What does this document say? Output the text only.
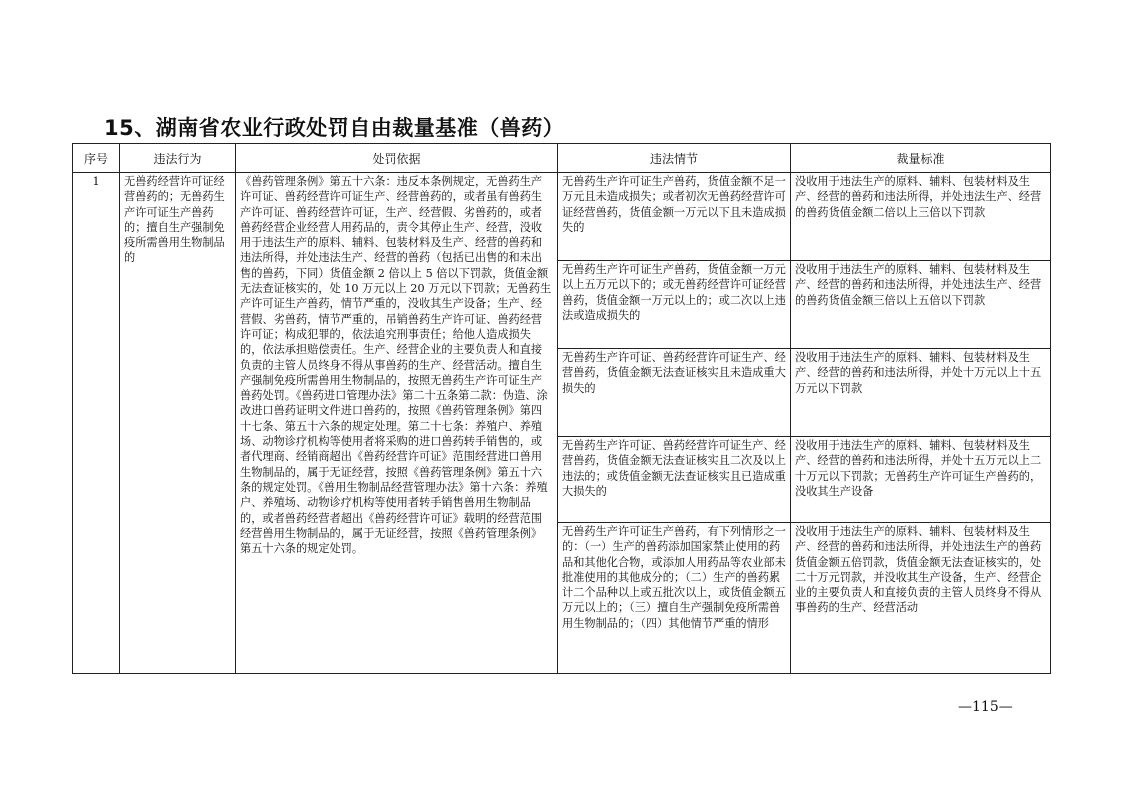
15、湖南省农业行政处罚自由裁量基准（兽药）
序号	违法行为	处罚依据	违法情节	裁量标准
1	无兽药经营许可证经营兽药的；无兽药生产许可证生产兽药的；擅自生产强制免疫所需兽用生物制品的	《兽药管理条例》第五十六条：违反本条例规定，无兽药生产许可证、兽药经营许可证生产、经营兽药的，或者虽有兽药生产许可证、兽药经营许可证，生产、经营假、劣兽药的，或者兽药经营企业经营人用药品的，责令其停止生产、经营，没收用于违法生产的原料、辅料、包装材料及生产、经营的兽药和违法所得，并处违法生产、经营的兽药（包括已出售的和未出售的兽药，下同）货值金额 2 倍以上 5 倍以下罚款，货值金额无法查证核实的，处 10 万元以上 20 万元以下罚款；无兽药生产许可证生产兽药，情节严重的，没收其生产设备；生产、经营假、劣兽药，情节严重的，吊销兽药生产许可证、兽药经营许可证；构成犯罪的，依法追究刑事责任；给他人造成损失的，依法承担赔偿责任。生产、经营企业的主要负责人和直接负责的主管人员终身不得从事兽药的生产、经营活动。擅自生产强制免疫所需兽用生物制品的，按照无兽药生产许可证生产兽药处罚。《兽药进口管理办法》第二十五条第二款：伪造、涂改进口兽药证明文件进口兽药的，按照《兽药管理条例》第四十七条、第五十六条的规定处理。第二十七条：养殖户、养殖场、动物诊疗机构等使用者将采购的进口兽药转手销售的，或者代理商、经销商超出《兽药经营许可证》范围经营进口兽用生物制品的，属于无证经营，按照《兽药管理条例》第五十六条的规定处罚。《兽用生物制品经营管理办法》第十六条：养殖户、养殖场、动物诊疗机构等使用者转手销售兽用生物制品的，或者兽药经营者超出《兽药经营许可证》载明的经营范围经营兽用生物制品的，属于无证经营，按照《兽药管理条例》第五十六条的规定处罚。	无兽药生产许可证生产兽药，货值金额不足一万元且未造成损失；或者初次无兽药经营许可证经营兽药，货值金额一万元以下且未造成损失的	没收用于违法生产的原料、辅料、包装材料及生产、经营的兽药和违法所得，并处违法生产、经营的兽药货值金额二倍以上三倍以下罚款
			无兽药生产许可证生产兽药，货值金额一万元以上五万元以下的；或无兽药经营许可证经营兽药，货值金额一万元以上的；或二次以上违法或造成损失的	没收用于违法生产的原料、辅料、包装材料及生产、经营的兽药和违法所得，并处违法生产、经营的兽药货值金额三倍以上五倍以下罚款
			无兽药生产许可证、兽药经营许可证生产、经营兽药，货值金额无法查证核实且未造成重大损失的	没收用于违法生产的原料、辅料、包装材料及生产、经营的兽药和违法所得，并处十万元以上十五万元以下罚款
			无兽药生产许可证、兽药经营许可证生产、经营兽药，货值金额无法查证核实且二次及以上违法的；或货值金额无法查证核实且已造成重大损失的	没收用于违法生产的原料、辅料、包装材料及生产、经营的兽药和违法所得，并处十五万元以上二十万元以下罚款；无兽药生产许可证生产兽药的，没收其生产设备
			无兽药生产许可证生产兽药，有下列情形之一的：（一）生产的兽药添加国家禁止使用的药品和其他化合物，或添加人用药品等农业部未批准使用的其他成分的；（二）生产的兽药累计二个品种以上或五批次以上，或货值金额五万元以上的；（三）擅自生产强制免疫所需兽用生物制品的；（四）其他情节严重的情形	没收用于违法生产的原料、辅料、包装材料及生产、经营的兽药和违法所得，并处违法生产的兽药货值金额五倍罚款，货值金额无法查证核实的，处二十万元罚款，并没收其生产设备，生产、经营企业的主要负责人和直接负责的主管人员终身不得从事兽药的生产、经营活动
—115—
